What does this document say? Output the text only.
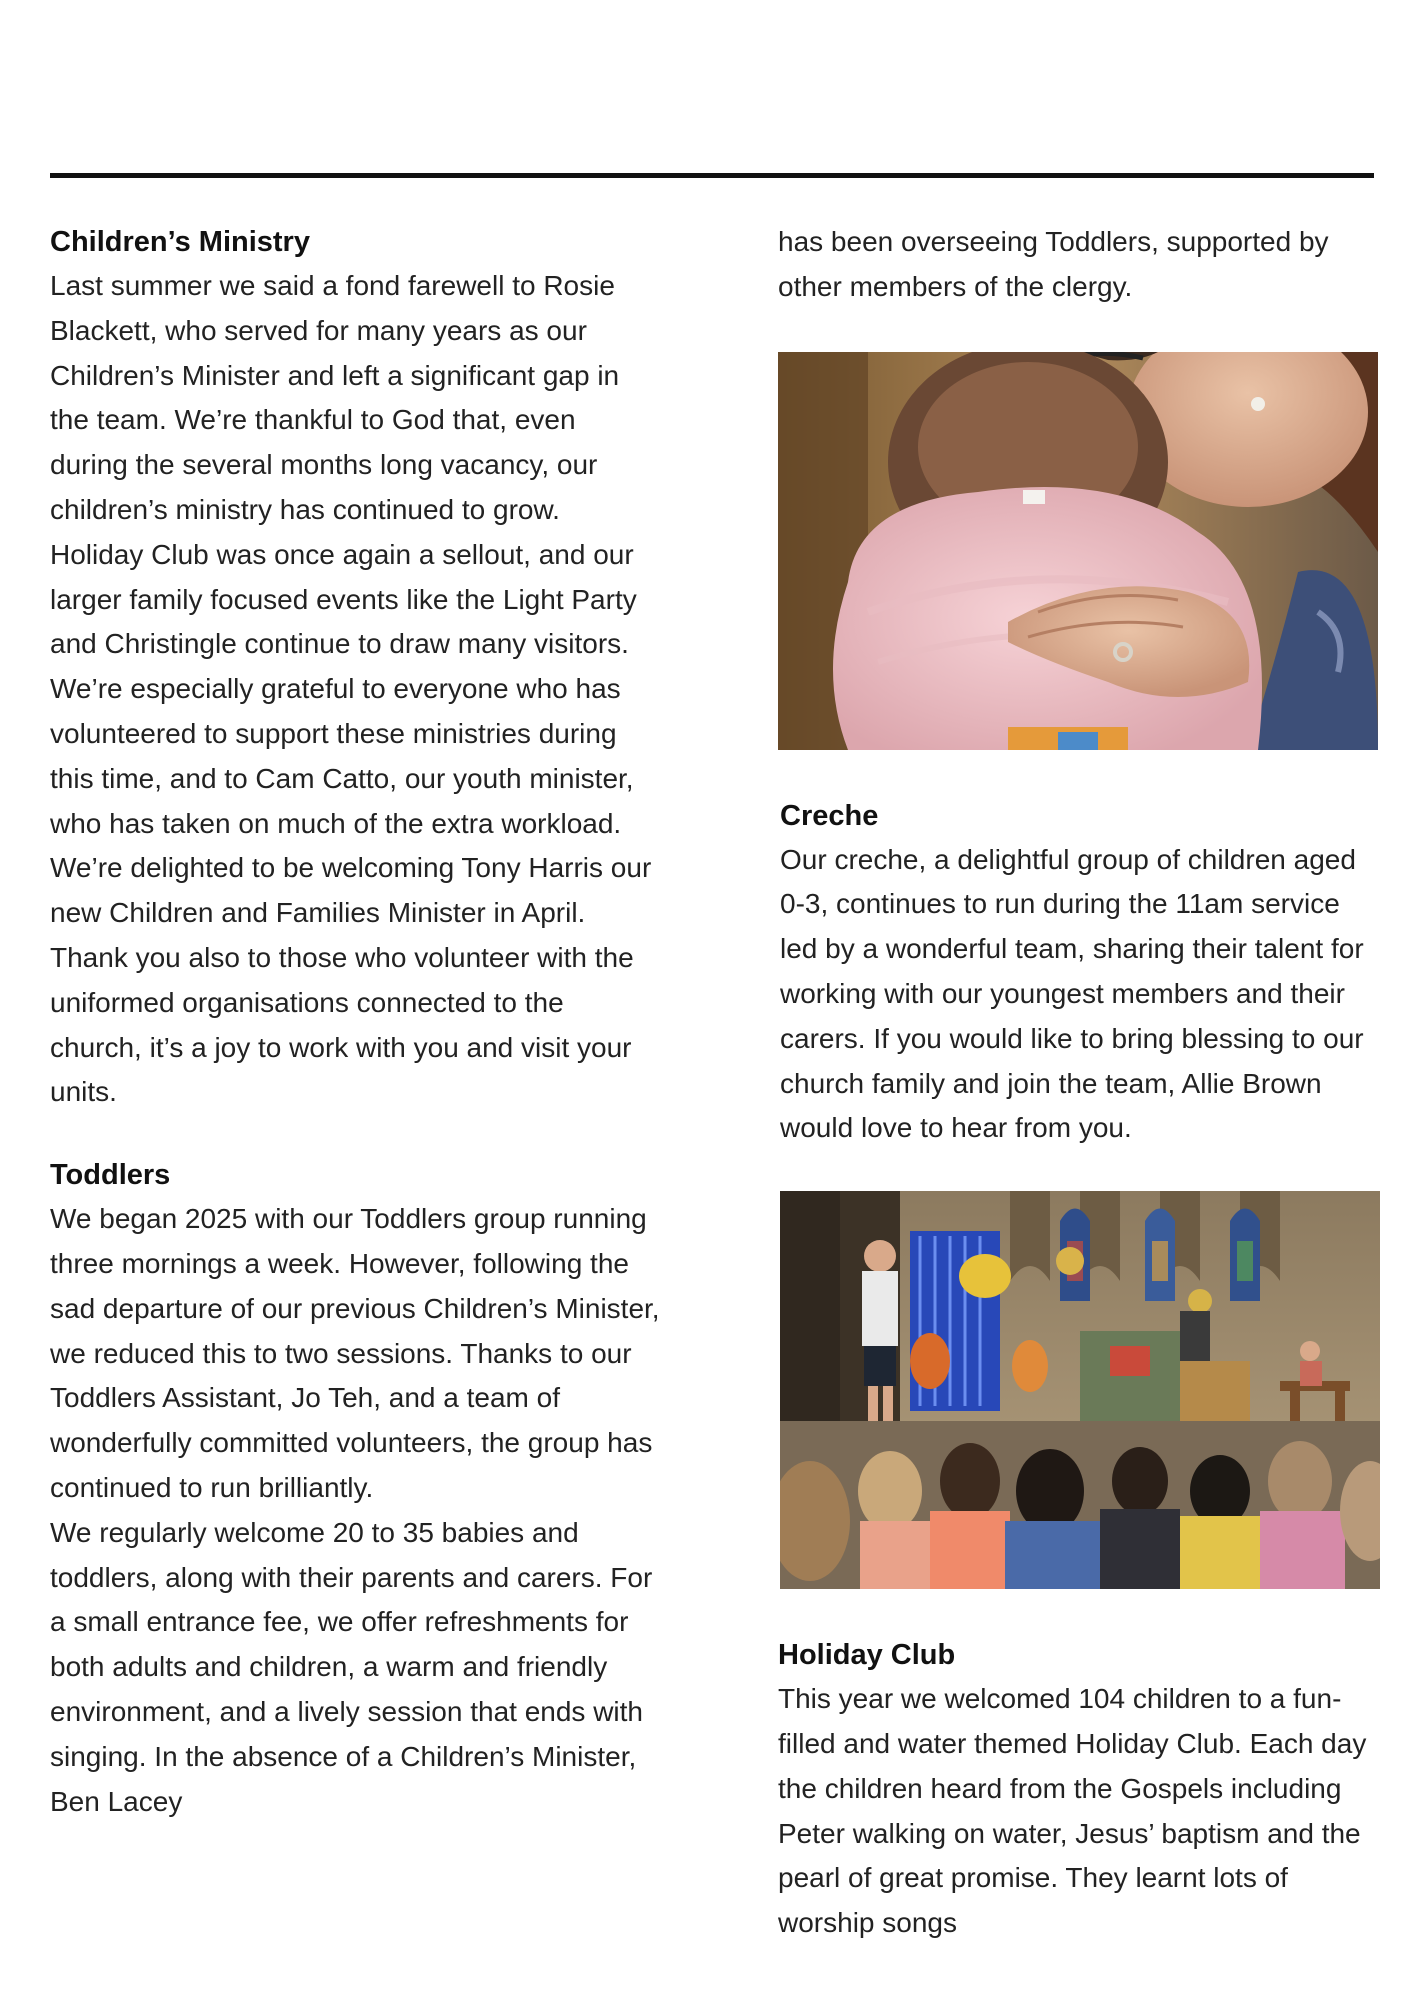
Children’s Ministry

Last summer we said a fond farewell to Rosie Blackett, who served for many years as our Children’s Minister and left a significant gap in the team. We’re thankful to God that, even during the several months long vacancy, our children’s ministry has continued to grow. Holiday Club was once again a sellout, and our larger family focused events like the Light Party and Christingle continue to draw many visitors. We’re especially grateful to everyone who has volunteered to support these ministries during this time, and to Cam Catto, our youth minister, who has taken on much of the extra workload. We’re delighted to be welcoming Tony Harris our new Children and Families Minister in April.

Thank you also to those who volunteer with the uniformed organisations connected to the church, it’s a joy to work with you and visit your units.

Toddlers

We began 2025 with our Toddlers group running three mornings a week. However, following the sad departure of our previous Children’s Minister, we reduced this to two sessions. Thanks to our Toddlers Assistant, Jo Teh, and a team of wonderfully committed volunteers, the group has continued to run brilliantly.

We regularly welcome 20 to 35 babies and toddlers, along with their parents and carers. For a small entrance fee, we offer refreshments for both adults and children, a warm and friendly environment, and a lively session that ends with singing. In the absence of a Children’s Minister, Ben Lacey

has been overseeing Toddlers, supported by other members of the clergy.

Creche

Our creche, a delightful group of children aged 0-3, continues to run during the 11am service led by a wonderful team, sharing their talent for working with our youngest members and their carers. If you would like to bring blessing to our church family and join the team, Allie Brown would love to hear from you.

Holiday Club

This year we welcomed 104 children to a fun-filled and water themed Holiday Club. Each day the children heard from the Gospels including Peter walking on water, Jesus’ baptism and the pearl of great promise. They learnt lots of worship songs
